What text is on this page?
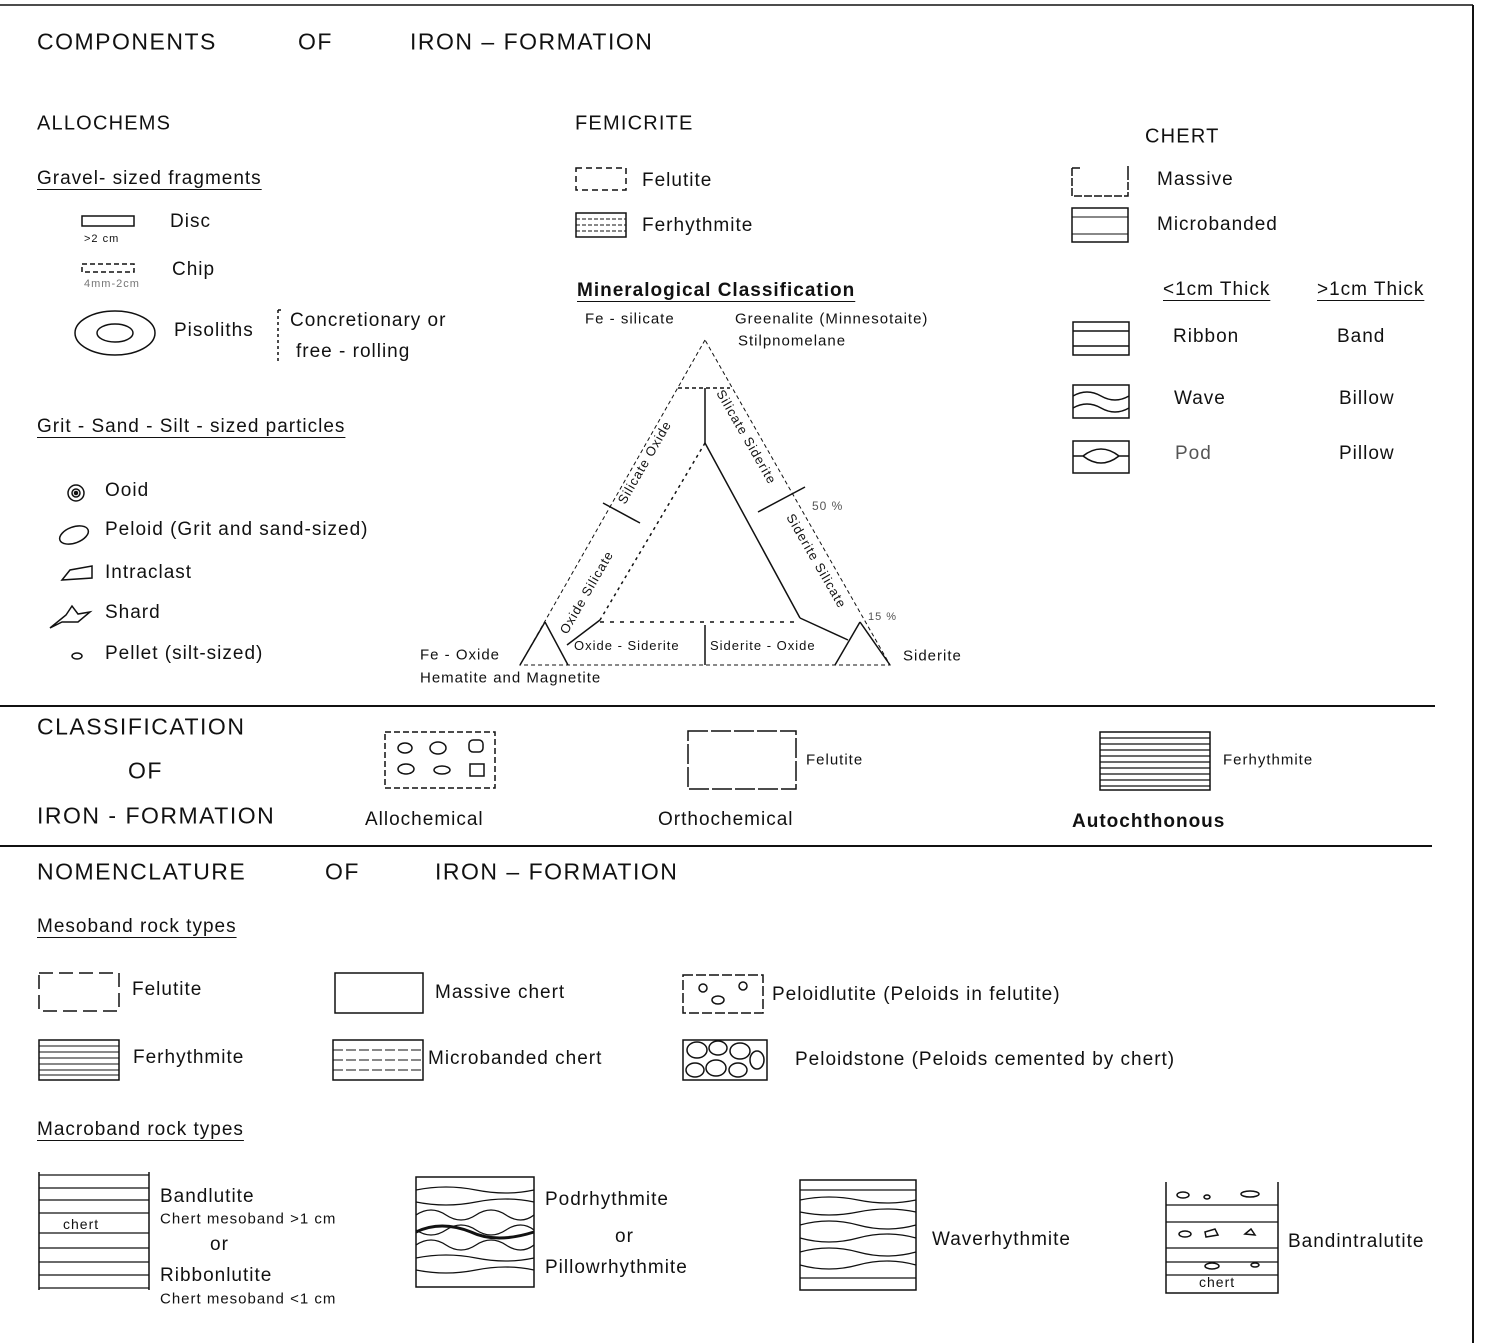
Silicate Oxide
Oxide Silicate
Silicate Siderite
Siderite Silicate
Oxide - Siderite Siderite - Oxide
COMPONENTS	OF	IRON – FORMATION
ALLOCHEMS
Gravel- sized fragments
Disc
>2 cm
Chip
4mm-2cm
Pisoliths Concretionary or
free - rolling
Grit - Sand - Silt - sized particles
Ooid
Peloid (Grit and sand-sized)
Intraclast
Shard
Pellet (silt-sized)
FEMICRITE
Felutite
Ferhythmite
Mineralogical Classification
Fe - silicate	Greenalite (Minnesotaite)
Stilpnomelane
Fe - Oxide
Hematite and Magnetite
Siderite
50 %
15 %
CHERT
Massive
Microbanded
<1cm Thick >1cm Thick
Ribbon	Band
Wave	Billow
Pod	Pillow
CLASSIFICATION
OF
IRON - FORMATION	Allochemical
Felutite
Orthochemical
Ferhythmite
Autochthonous
NOMENCLATURE	OF	IRON – FORMATION
Mesoband rock types
Felutite	Massive chert	Peloidlutite (Peloids in felutite)
Ferhythmite	Microbanded chert	Peloidstone (Peloids cemented by chert)
Macroband rock types
chert
Bandlutite
Chert mesoband >1 cm
or
Ribbonlutite
Chert mesoband <1 cm
Podrhythmite
or
Pillowrhythmite
Waverhythmite
chert
Bandintralutite
